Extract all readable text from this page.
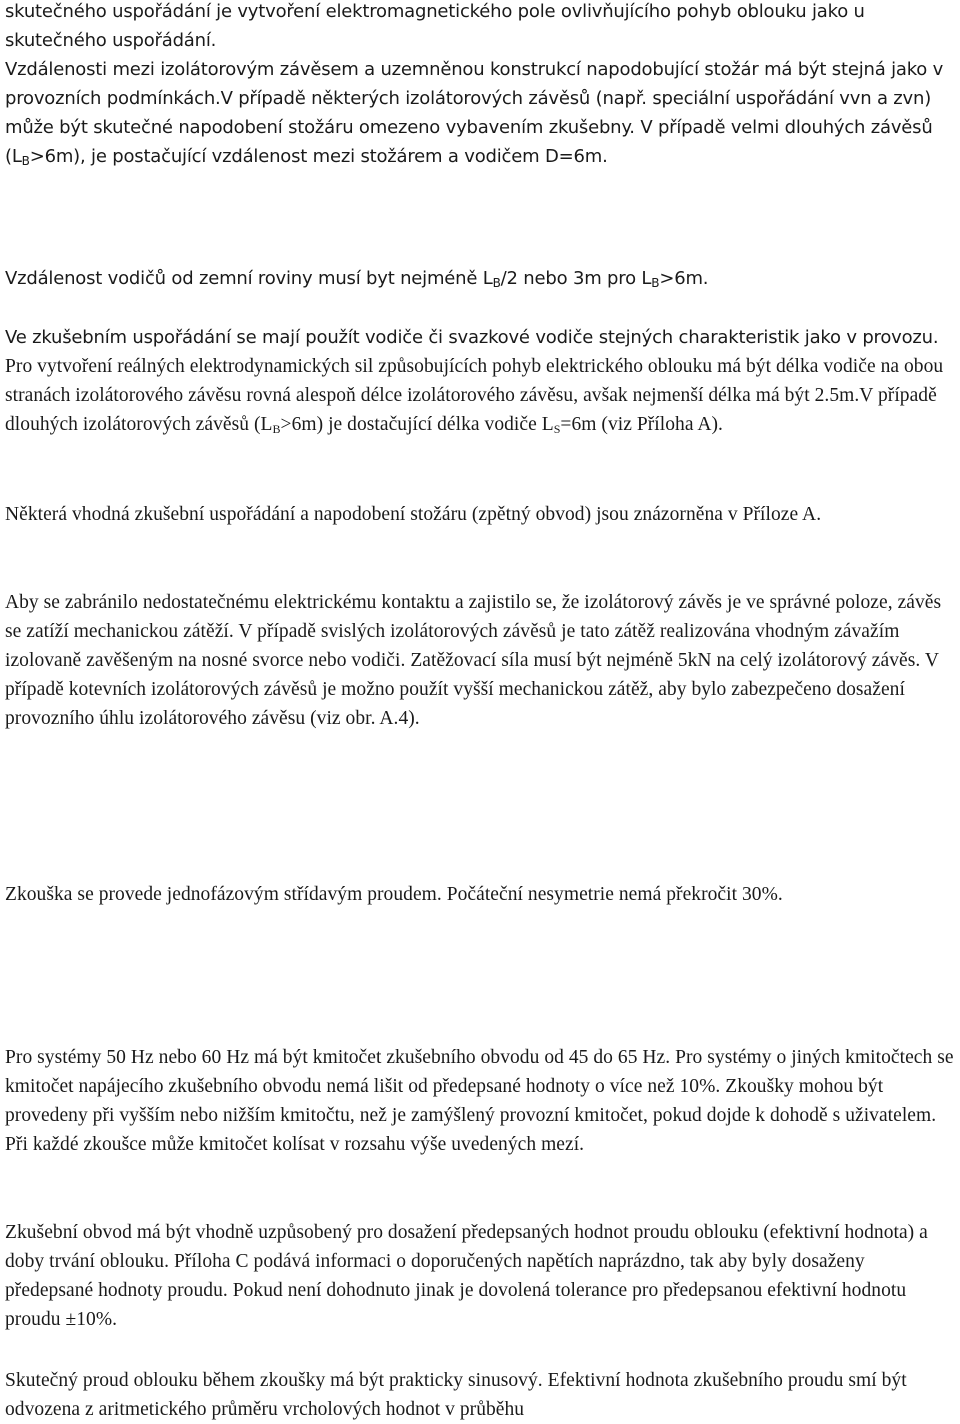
skutečného uspořádání je vytvoření elektromagnetického pole ovlivňujícího pohyb oblouku jako u skutečného uspořádání.

Vzdálenosti mezi izolátorovým závěsem a uzemněnou konstrukcí napodobující stožár má být stejná jako v provozních podmínkách.V případě některých izolátorových závěsů (např. speciální uspořádání vvn a zvn) může být skutečné napodobení stožáru omezeno vybavením zkušebny. V případě velmi dlouhých závěsů $(L_B>6m)$, je postačující vzdálenost mezi stožárem a vodičem D=6m.

Vzdálenost vodičů od zemní roviny musí byt nejméně $L_B/2$ nebo 3m pro $L_B>6m$.

Ve zkušebním uspořádání se mají použít vodiče či svazkové vodiče stejných charakteristik jako v provozu. Pro vytvoření reálných elektrodynamických sil způsobujících pohyb elektrického oblouku má být délka vodiče na obou stranách izolátorového závěsu rovná alespoň délce izolátorového závěsu, avšak nejmenší délka má být 2.5m.V případě dlouhých izolátorových závěsů $(L_B>6m)$ je dostačující délka vodiče $L_S=6m$ (viz Příloha A).

Některá vhodná zkušební uspořádání a napodobení stožáru (zpětný obvod) jsou znázorněna v Příloze A.

Aby se zabránilo nedostatečnému elektrickému kontaktu a zajistilo se, že izolátorový závěs je ve správné poloze, závěs se zatíží mechanickou zátěží. V případě svislých izolátorových závěsů je tato zátěž realizována vhodným závažím izolovaně zavěšeným na nosné svorce nebo vodiči. Zatěžovací síla musí být nejméně 5kN na celý izolátorový závěs. V případě kotevních izolátorových závěsů je možno použít vyšší mechanickou zátěž, aby bylo zabezpečeno dosažení provozního úhlu izolátorového závěsu (viz obr. A.4).

Zkouška se provede jednofázovým střídavým proudem. Počáteční nesymetrie nemá překročit 30%.

Pro systémy 50 Hz nebo 60 Hz má být kmitočet zkušebního obvodu od 45 do 65 Hz. Pro systémy o jiných kmitočtech se kmitočet napájecího zkušebního obvodu nemá lišit od předepsané hodnoty o více než 10%. Zkoušky mohou být provedeny při vyšším nebo nižším kmitočtu, než je zamýšlený provozní kmitočet, pokud dojde k dohodě s uživatelem. Při každé zkoušce může kmitočet kolísat v rozsahu výše uvedených mezí.

Zkušební obvod má být vhodně uzpůsobený pro dosažení předepsaných hodnot proudu oblouku (efektivní hodnota) a doby trvání oblouku. Příloha C podává informaci o doporučených napětích naprázdno, tak aby byly dosaženy předepsané hodnoty proudu. Pokud není dohodnuto jinak je dovolená tolerance pro předepsanou efektivní hodnotu proudu ±10%.

Skutečný proud oblouku během zkoušky má být prakticky sinusový. Efektivní hodnota zkušebního proudu smí být odvozena z aritmetického průměru vrcholových hodnot v průběhu
